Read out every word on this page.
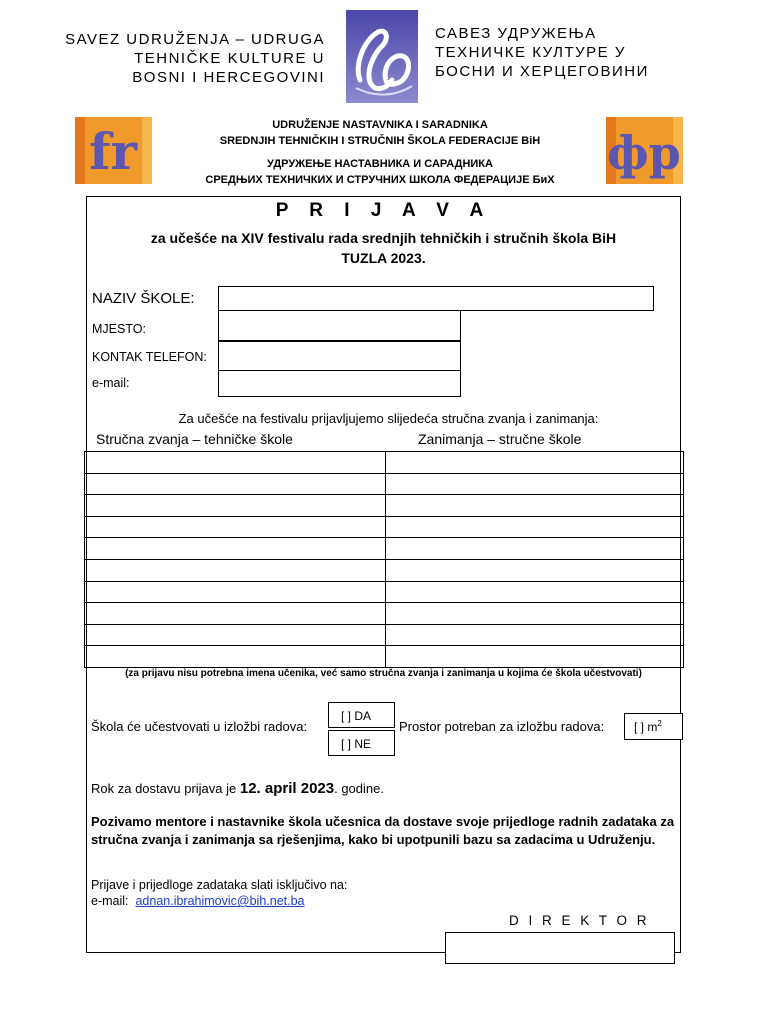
SAVEZ UDRUŽENJA – UDRUGA
TEHNIČKE KULTURE U
BOSNI I HERCEGOVINI
САВЕЗ УДРУЖЕЊА
ТЕХНИЧКЕ КУЛТУРЕ У
БОСНИ И ХЕРЦЕГОВИНИ
fr	фр
UDRUŽENJE NASTAVNIKA I SARADNIKA
SREDNJIH TEHNIČKIH I STRUČNIH ŠKOLA FEDERACIJE BiH
УДРУЖЕЊЕ НАСТАВНИКА И САРАДНИКА
СРЕДЊИХ ТЕХНИЧКИХ И СТРУЧНИХ ШКОЛА ФЕДЕРАЦИЈЕ БиХ
P R I J A V A
za učešće na XIV festivalu rada srednjih tehničkih i stručnih škola BiH
TUZLA 2023.
NAZIV ŠKOLE:
MJESTO:
KONTAK TELEFON:
e-mail:
Za učešće na festivalu prijavljujemo slijedeća stručna zvanja i zanimanja:
Stručna zvanja – tehničke škole	Zanimanja – stručne škole

(za prijavu nisu potrebna imena učenika, već samo stručna zvanja i zanimanja u kojima će škola učestvovati)
Škola će učestvovati u izložbi radova:
[ ] DA
[ ] NE
Prostor potreban za izložbu radova:	[ ] $m^2$
Rok za dostavu prijava je 12. april 2023. godine.
Pozivamo mentore i nastavnike škola učesnica da dostave svoje prijedloge radnih zadataka za stručna zvanja i zanimanja sa rješenjima, kako bi upotpunili bazu sa zadacima u Udruženju.
Prijave i prijedloge zadataka slati isključivo na:
e-mail: adnan.ibrahimovic@bih.net.ba
D I R E K T O R
